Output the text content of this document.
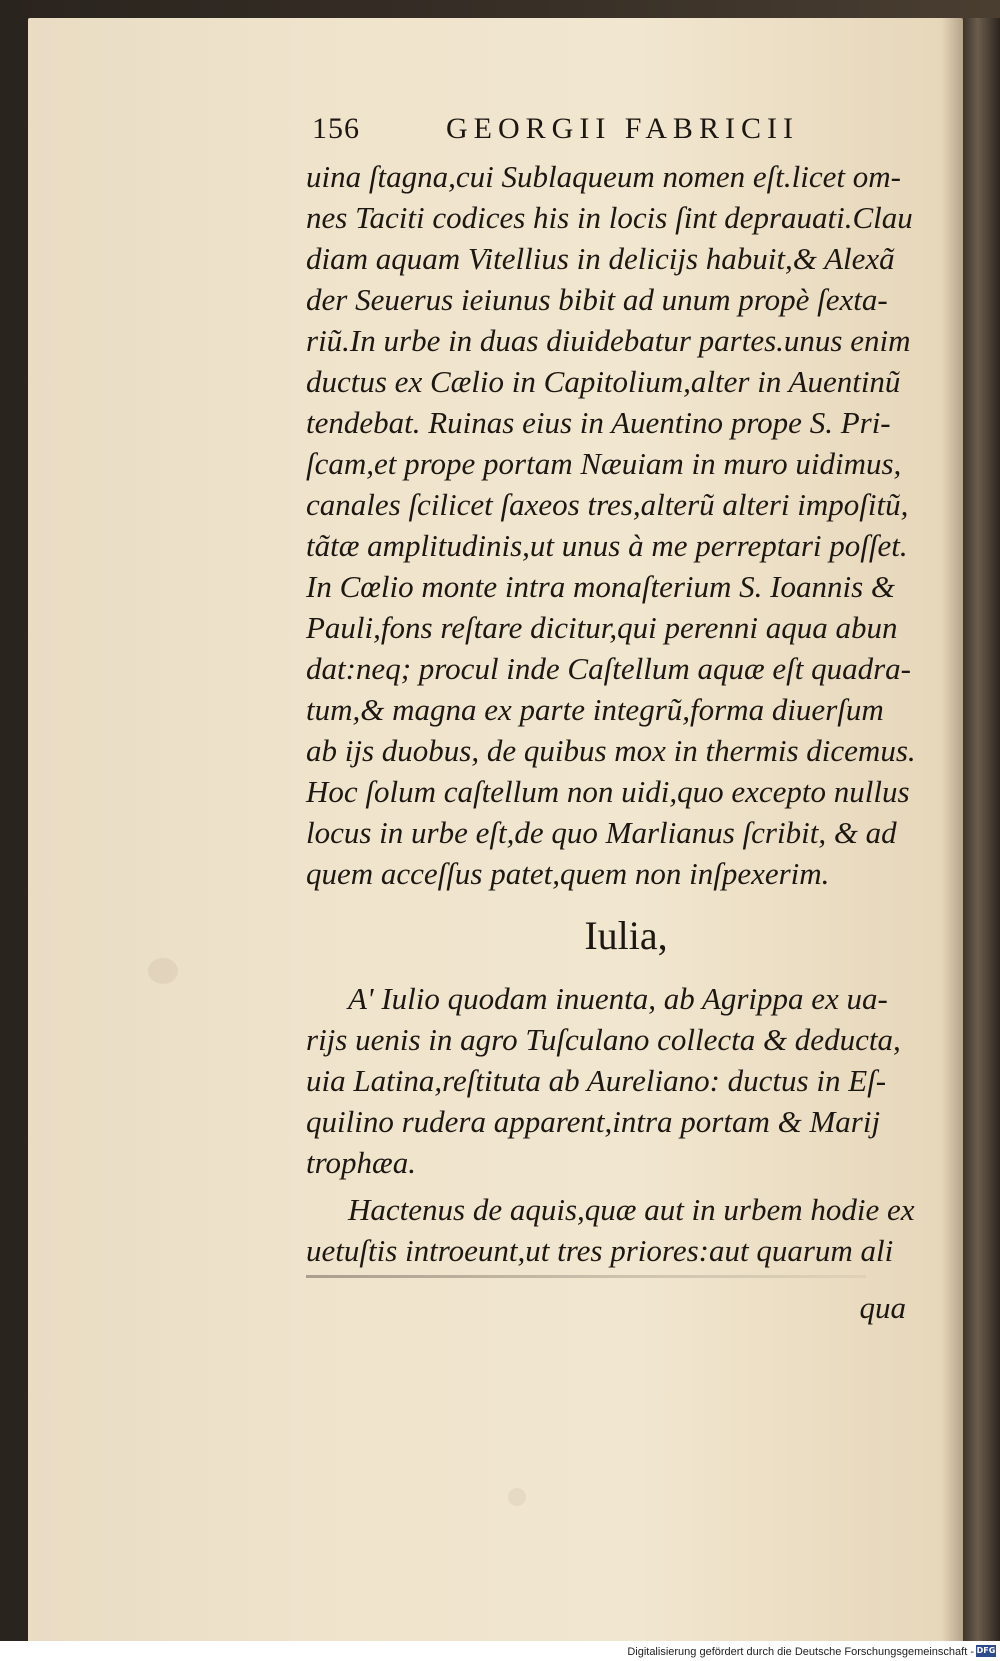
156	GEORGII FABRICII
uina ſtagna,cui Sublaqueum nomen eſt.licet om-
nes Taciti codices his in locis ſint deprauati.Clau
diam aquam Vitellius in delicijs habuit,& Alexã
der Seuerus ieiunus bibit ad unum propè ſexta-
riũ.In urbe in duas diuidebatur partes.unus enim
ductus ex Cælio in Capitolium,alter in Auentinũ
tendebat. Ruinas eius in Auentino prope S. Pri-
ſcam,et prope portam Næuiam in muro uidimus,
canales ſcilicet ſaxeos tres,alterũ alteri impoſitũ,
tãtæ amplitudinis,ut unus à me perreptari poſſet.
In Cœlio monte intra monaſterium S. Ioannis &
Pauli,fons reſtare dicitur,qui perenni aqua abun
dat:neq; procul inde Caſtellum aquæ eſt quadra-
tum,& magna ex parte integrũ,forma diuerſum
ab ijs duobus, de quibus mox in thermis dicemus.
Hoc ſolum caſtellum non uidi,quo excepto nullus
locus in urbe eſt,de quo Marlianus ſcribit, & ad
quem acceſſus patet,quem non inſpexerim.
Iulia,
A' Iulio quodam inuenta, ab Agrippa ex ua-
rijs uenis in agro Tuſculano collecta & deducta,
uia Latina,reſtituta ab Aureliano: ductus in Eſ-
quilino rudera apparent,intra portam & Marij
trophæa.
Hactenus de aquis,quæ aut in urbem hodie ex
uetuſtis introeunt,ut tres priores:aut quarum ali
qua
Digitalisierung gefördert durch die Deutsche Forschungsgemeinschaft - DFG
